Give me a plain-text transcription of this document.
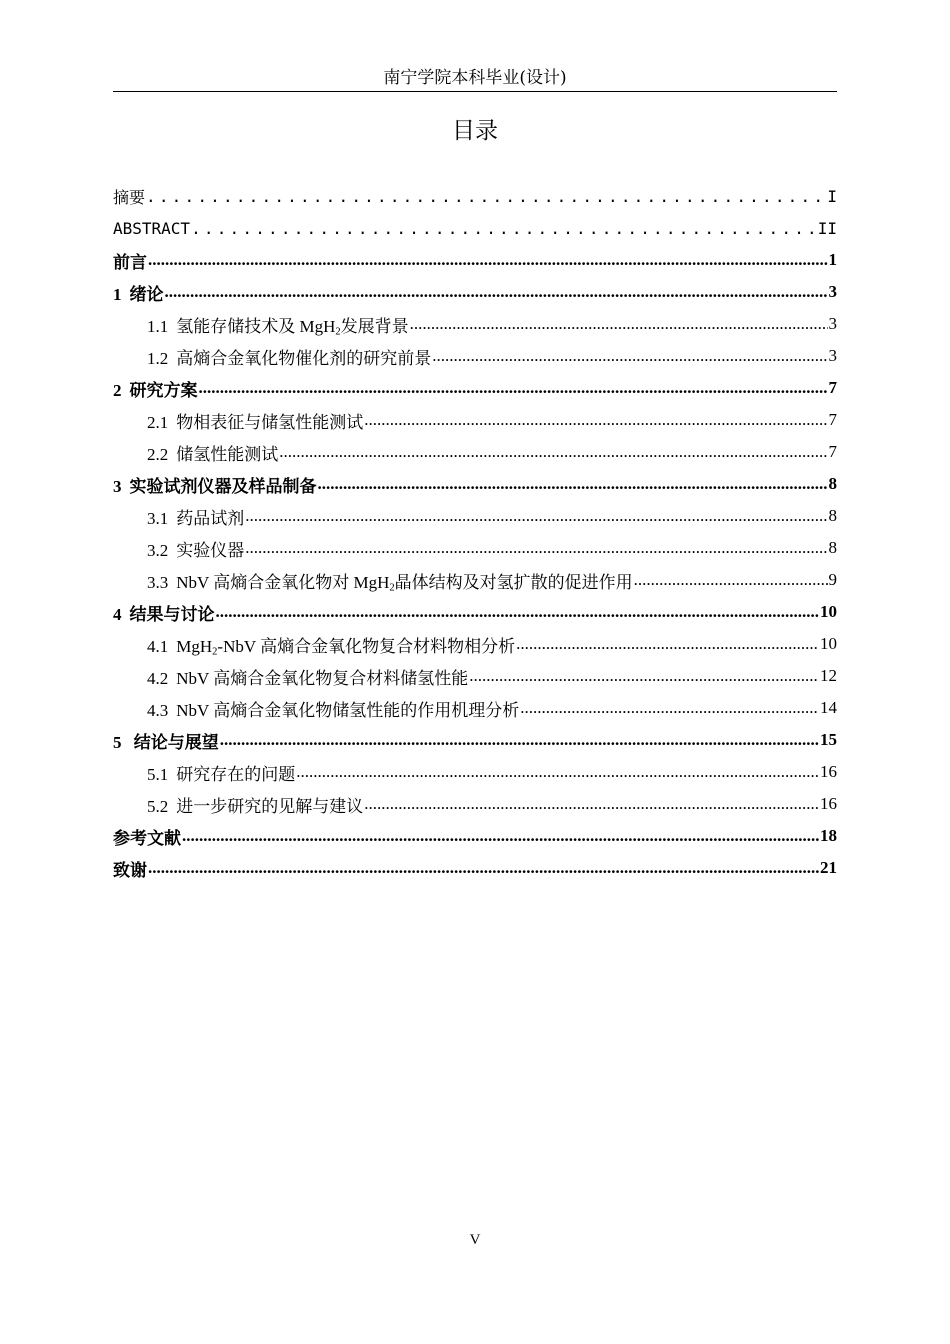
南宁学院本科毕业(设计)
目录
摘要 .....	I
ABSTRACT .....	II
前言 .....	1
1 绪论 .....	3
1.1 氢能存储技术及 MgH$_2$发展背景 .....	3
1.2 高熵合金氧化物催化剂的研究前景 .....	3
2 研究方案 .....	7
2.1 物相表征与储氢性能测试 .....	7
2.2 储氢性能测试 .....	7
3 实验试剂仪器及样品制备 .....	8
3.1 药品试剂 .....	8
3.2 实验仪器 .....	8
3.3 NbV 高熵合金氧化物对 MgH$_2$晶体结构及对氢扩散的促进作用 .....	9
4 结果与讨论 .....	10
4.1 MgH$_2$-NbV 高熵合金氧化物复合材料物相分析 .....	10
4.2 NbV 高熵合金氧化物复合材料储氢性能 .....	12
4.3 NbV 高熵合金氧化物储氢性能的作用机理分析 .....	14
5 结论与展望 .....	15
5.1 研究存在的问题 .....	16
5.2 进一步研究的见解与建议 .....	16
参考文献 .....	18
致谢 .....	21
V
